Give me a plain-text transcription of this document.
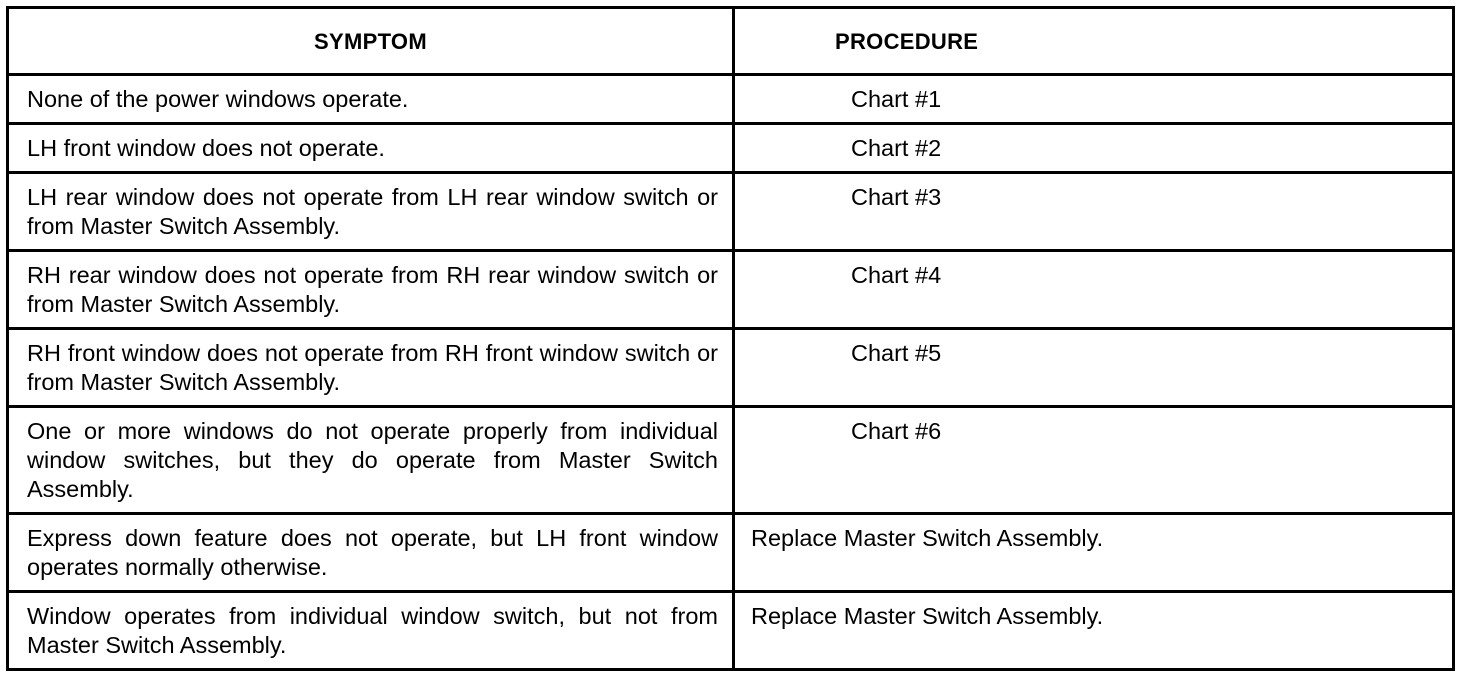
SYMPTOM	PROCEDURE
None of the power windows operate.	Chart #1
LH front window does not operate.	Chart #2
LH rear window does not operate from LH rear window switch or from Master Switch Assembly.	Chart #3
RH rear window does not operate from RH rear window switch or from Master Switch Assembly.	Chart #4
RH front window does not operate from RH front window switch or from Master Switch Assembly.	Chart #5
One or more windows do not operate properly from individual window switches, but they do operate from Master Switch Assembly.	Chart #6
Express down feature does not operate, but LH front window operates normally otherwise.	Replace Master Switch Assembly.
Window operates from individual window switch, but not from Master Switch Assembly.	Replace Master Switch Assembly.
